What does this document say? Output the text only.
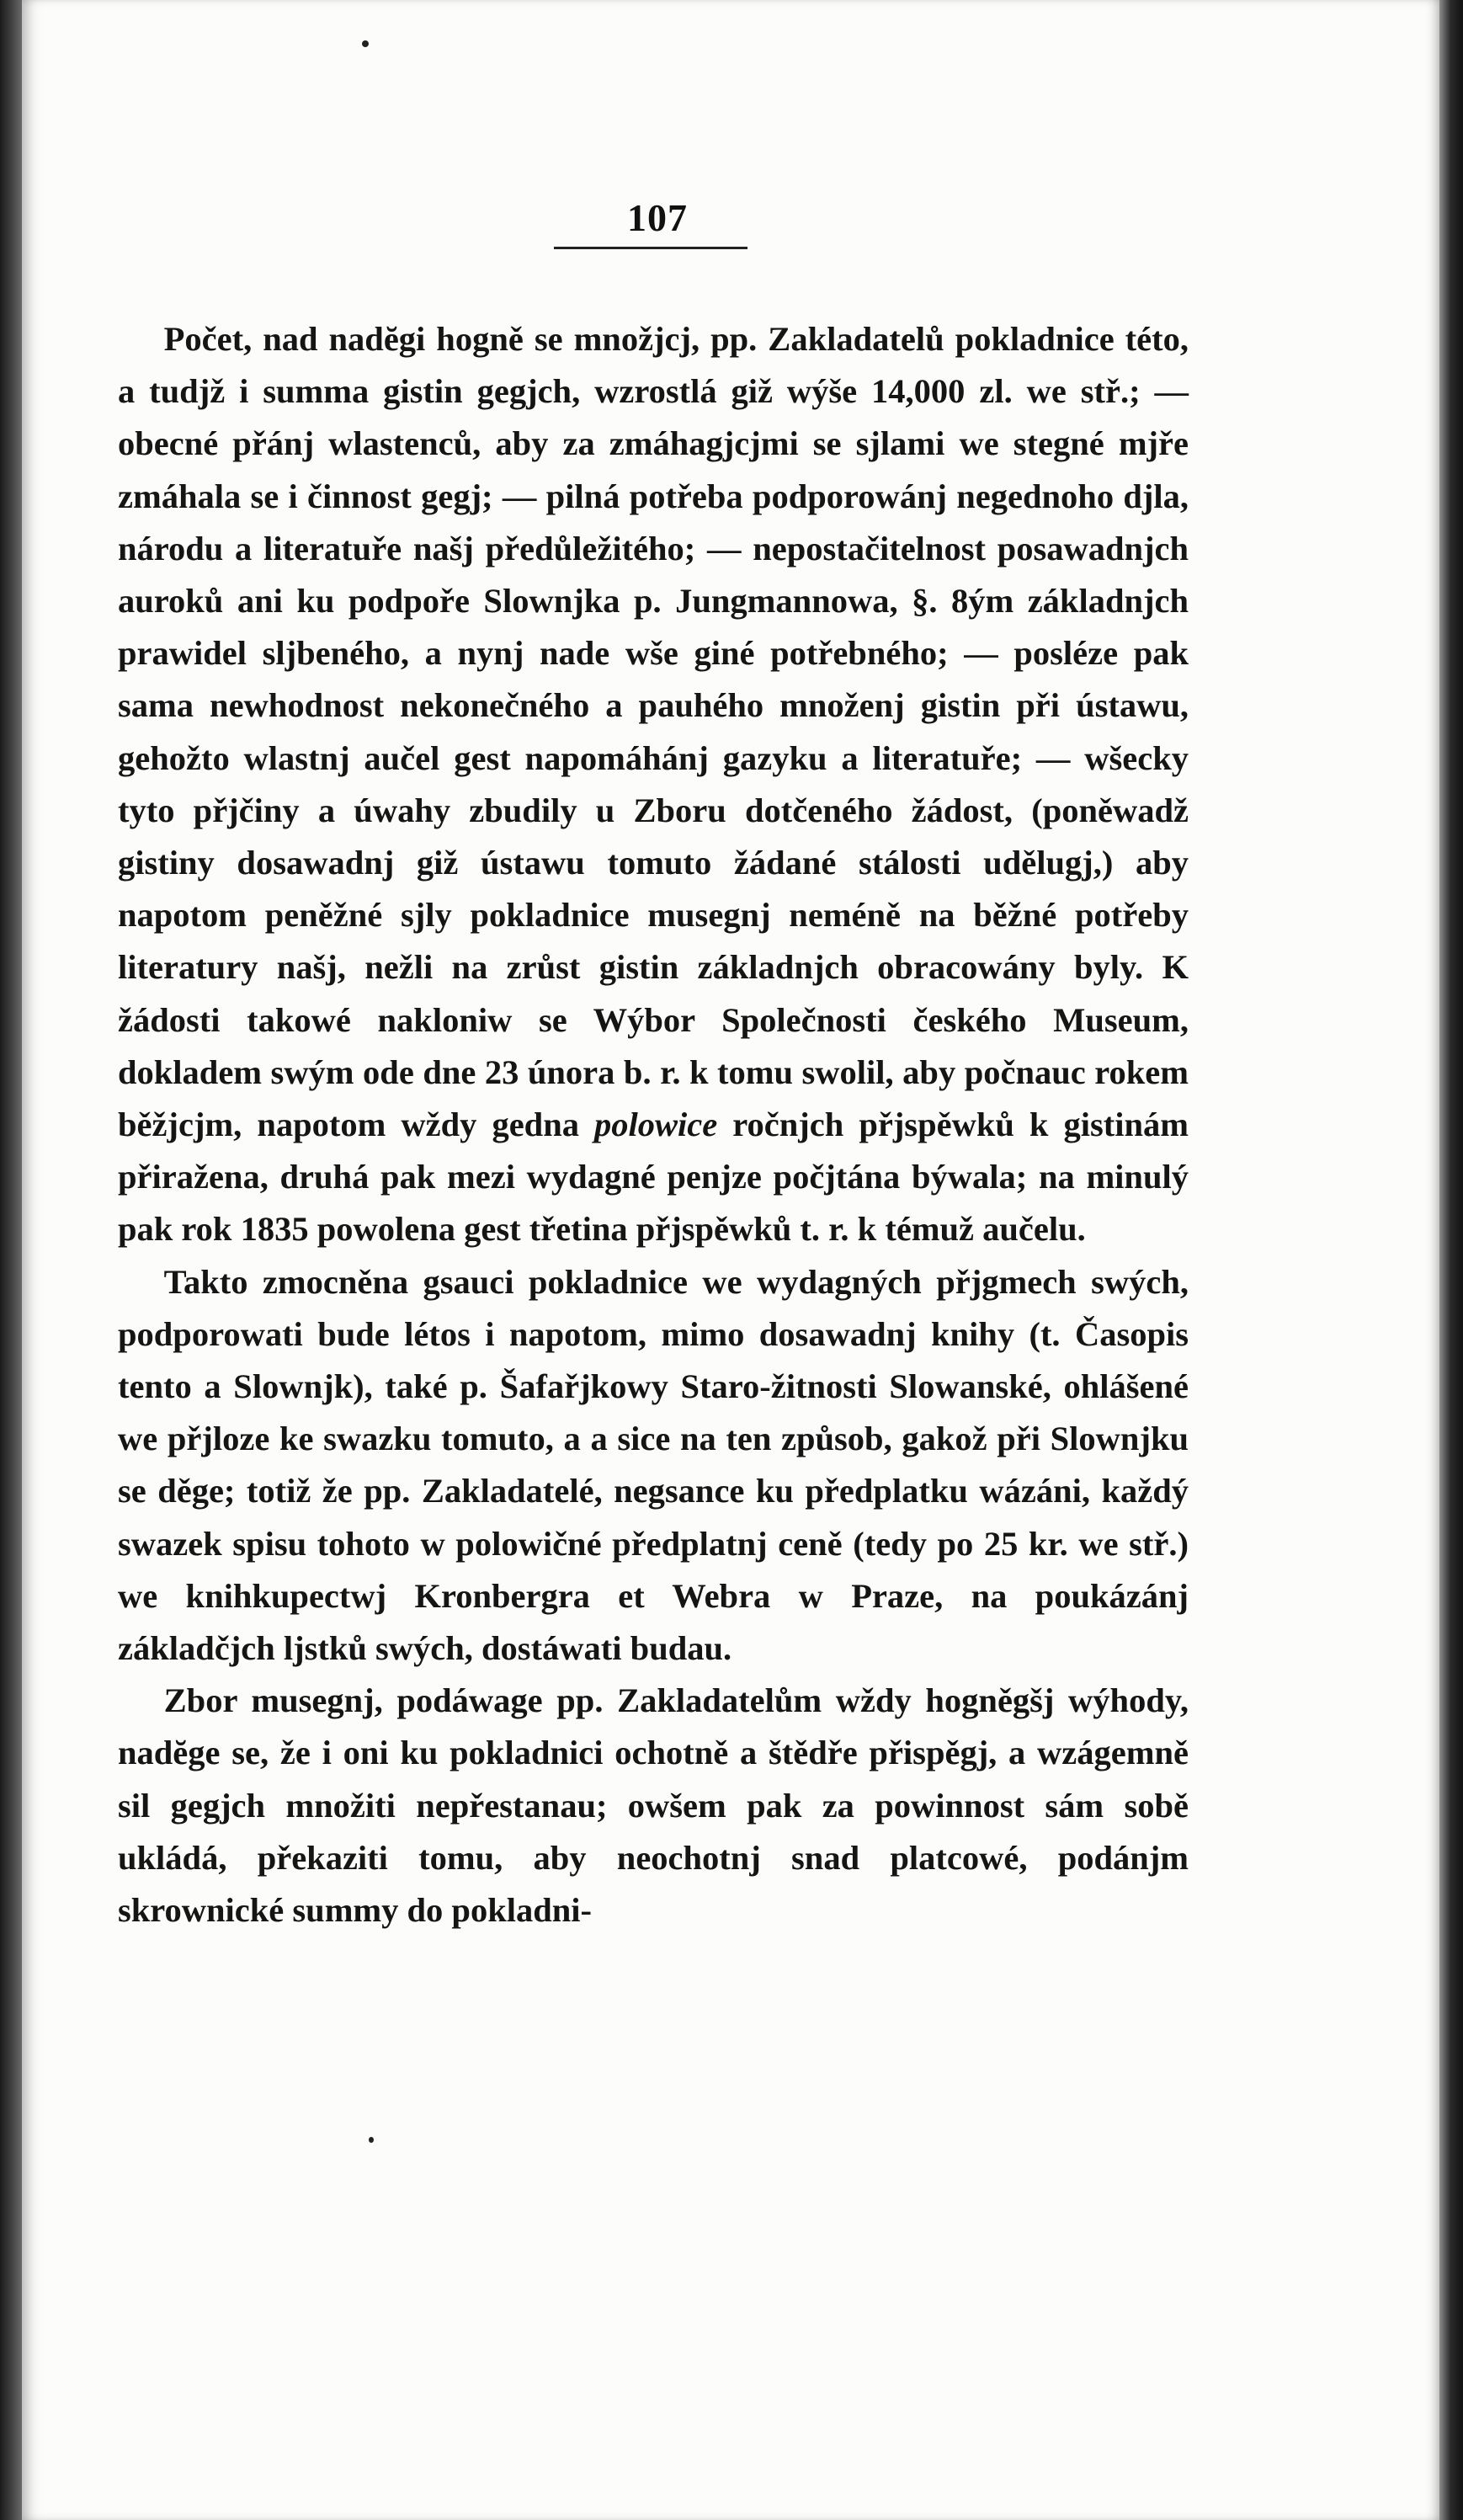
107

Počet, nad nadĕgi hogně se množjcj, pp. Zakladatelů pokladnice této, a tudjž i summa gistin gegjch, wzrostlá giž wýše 14,000 zl. we stř.; — obecné přánj wlastenců, aby za zmáhagjcjmi se sjlami we stegné mjře zmáhala se i činnost gegj; — pilná potřeba podporowánj negednoho djla, národu a literatuře našj předůležitého; — nepostačitelnost posawadnjch auroků ani ku podpoře Slownjka p. Jungmannowa, §. 8ým základnjch prawidel sljbeného, a nynj nade wše giné potřebného; — posléze pak sama newhodnost nekonečného a pauhého množenj gistin při ústawu, gehožto wlastnj aučel gest napomáhánj gazyku a literatuře; — wšecky tyto přjčiny a úwahy zbudily u Zboru dotčeného žádost, (poněwadž gistiny dosawadnj giž ústawu tomuto žádané stálosti udělugj,) aby napotom peněžné sjly pokladnice musegnj neméně na běžné potřeby literatury našj, nežli na zrůst gistin základnjch obracowány byly. K žádosti takowé nakloniw se Wýbor Společnosti českého Museum, dokladem swým ode dne 23 února b. r. k tomu swolil, aby počnauc rokem běžjcjm, napotom wždy gedna polowice ročnjch přjspěwků k gistinám přiražena, druhá pak mezi wydagné penjze počjtána býwala; na minulý pak rok 1835 powolena gest třetina přjspěwků t. r. k témuž aučelu.

Takto zmocněna gsauci pokladnice we wydagných přjgmech swých, podporowati bude létos i napotom, mimo dosawadnj knihy (t. Časopis tento a Slownjk), také p. Šafařjkowy Staro-žitnosti Slowanské, ohlášené we přjloze ke swazku tomuto, a a sice na ten způsob, gakož při Slownjku se děge; totiž že pp. Zakladatelé, negsance ku předplatku wázáni, každý swazek spisu tohoto w polowičné předplatnj ceně (tedy po 25 kr. we stř.) we knihkupectwj Kronbergra et Webra w Praze, na poukázánj základčjch ljstků swých, dostáwati budau.

Zbor musegnj, podáwage pp. Zakladatelům wždy hogněgšj wýhody, nadĕge se, že i oni ku pokladnici ochotně a štědře přispěgj, a wzágemně sil gegjch množiti nepřestanau; owšem pak za powinnost sám sobě ukládá, překaziti tomu, aby neochotnj snad platcowé, podánjm skrownické summy do pokladni-
